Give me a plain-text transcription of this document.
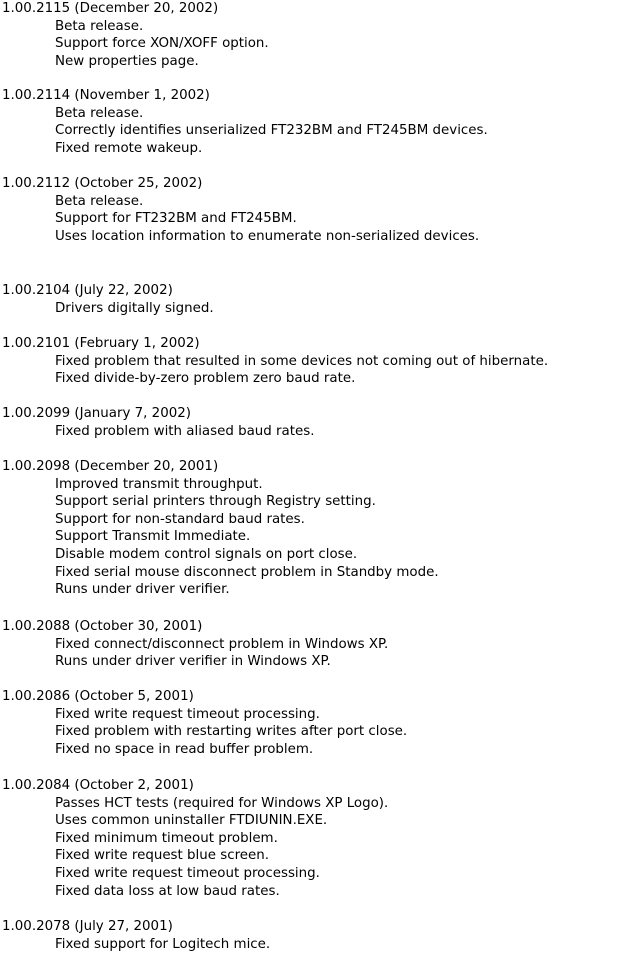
1.00.2115 (December 20, 2002)
Beta release.
Support force XON/XOFF option.
New properties page.
1.00.2114 (November 1, 2002)
Beta release.
Correctly identifies unserialized FT232BM and FT245BM devices.
Fixed remote wakeup.
1.00.2112 (October 25, 2002)
Beta release.
Support for FT232BM and FT245BM.
Uses location information to enumerate non-serialized devices.
1.00.2104 (July 22, 2002)
Drivers digitally signed.
1.00.2101 (February 1, 2002)
Fixed problem that resulted in some devices not coming out of hibernate.
Fixed divide-by-zero problem zero baud rate.
1.00.2099 (January 7, 2002)
Fixed problem with aliased baud rates.
1.00.2098 (December 20, 2001)
Improved transmit throughput.
Support serial printers through Registry setting.
Support for non-standard baud rates.
Support Transmit Immediate.
Disable modem control signals on port close.
Fixed serial mouse disconnect problem in Standby mode.
Runs under driver verifier.
1.00.2088 (October 30, 2001)
Fixed connect/disconnect problem in Windows XP.
Runs under driver verifier in Windows XP.
1.00.2086 (October 5, 2001)
Fixed write request timeout processing.
Fixed problem with restarting writes after port close.
Fixed no space in read buffer problem.
1.00.2084 (October 2, 2001)
Passes HCT tests (required for Windows XP Logo).
Uses common uninstaller FTDIUNIN.EXE.
Fixed minimum timeout problem.
Fixed write request blue screen.
Fixed write request timeout processing.
Fixed data loss at low baud rates.
1.00.2078 (July 27, 2001)
Fixed support for Logitech mice.
